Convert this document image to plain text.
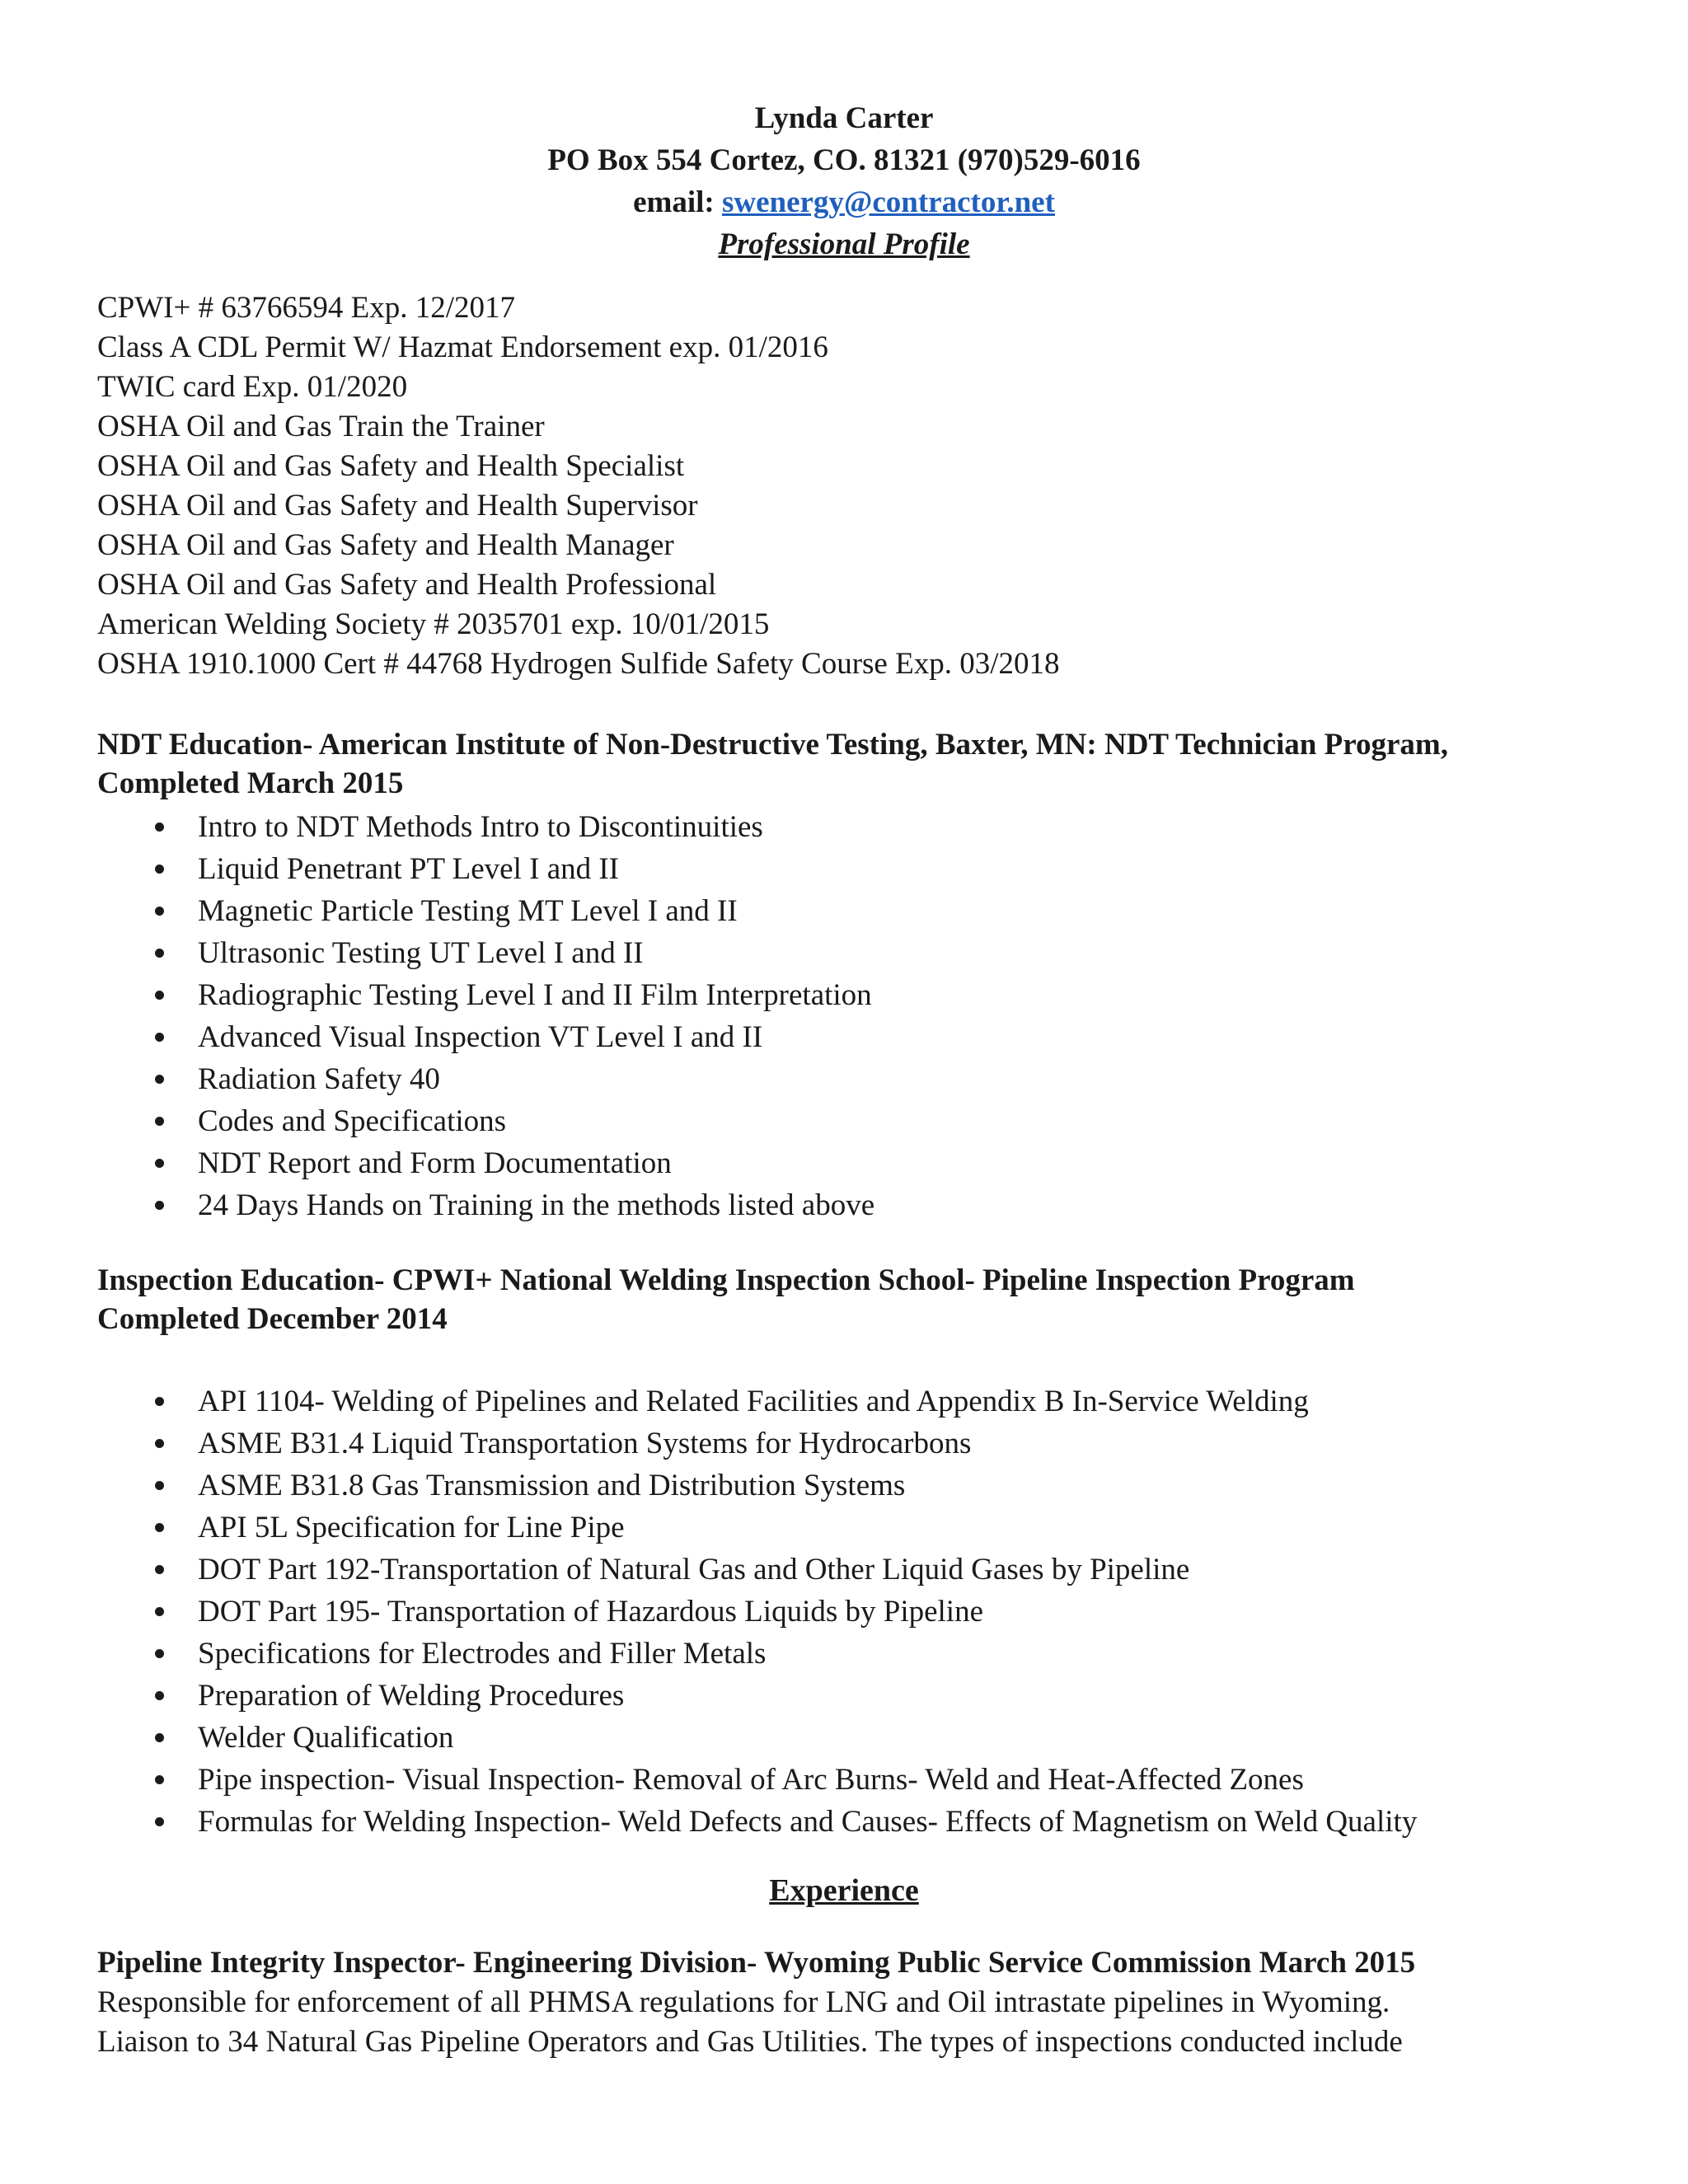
Lynda Carter
PO Box 554 Cortez, CO. 81321 (970)529-6016
email: swenergy@contractor.net
Professional Profile
CPWI+ # 63766594 Exp. 12/2017
Class A CDL Permit W/ Hazmat Endorsement exp. 01/2016
TWIC card Exp. 01/2020
OSHA Oil and Gas Train the Trainer
OSHA Oil and Gas Safety and Health Specialist
OSHA Oil and Gas Safety and Health Supervisor
OSHA Oil and Gas Safety and Health Manager
OSHA Oil and Gas Safety and Health Professional
American Welding Society # 2035701 exp. 10/01/2015
OSHA 1910.1000 Cert # 44768 Hydrogen Sulfide Safety Course Exp. 03/2018
NDT Education- American Institute of Non-Destructive Testing, Baxter, MN: NDT Technician Program,
Completed March 2015
Intro to NDT Methods Intro to Discontinuities
Liquid Penetrant PT Level I and II
Magnetic Particle Testing MT Level I and II
Ultrasonic Testing UT Level I and II
Radiographic Testing Level I and II Film Interpretation
Advanced Visual Inspection VT Level I and II
Radiation Safety 40
Codes and Specifications
NDT Report and Form Documentation
24 Days Hands on Training in the methods listed above
Inspection Education- CPWI+ National Welding Inspection School- Pipeline Inspection Program
Completed December 2014
API 1104- Welding of Pipelines and Related Facilities and Appendix B In-Service Welding
ASME B31.4 Liquid Transportation Systems for Hydrocarbons
ASME B31.8 Gas Transmission and Distribution Systems
API 5L Specification for Line Pipe
DOT Part 192-Transportation of Natural Gas and Other Liquid Gases by Pipeline
DOT Part 195- Transportation of Hazardous Liquids by Pipeline
Specifications for Electrodes and Filler Metals
Preparation of Welding Procedures
Welder Qualification
Pipe inspection- Visual Inspection- Removal of Arc Burns- Weld and Heat-Affected Zones
Formulas for Welding Inspection- Weld Defects and Causes- Effects of Magnetism on Weld Quality
Experience
Pipeline Integrity Inspector- Engineering Division- Wyoming Public Service Commission March 2015
Responsible for enforcement of all PHMSA regulations for LNG and Oil intrastate pipelines in Wyoming.
Liaison to 34 Natural Gas Pipeline Operators and Gas Utilities. The types of inspections conducted include
